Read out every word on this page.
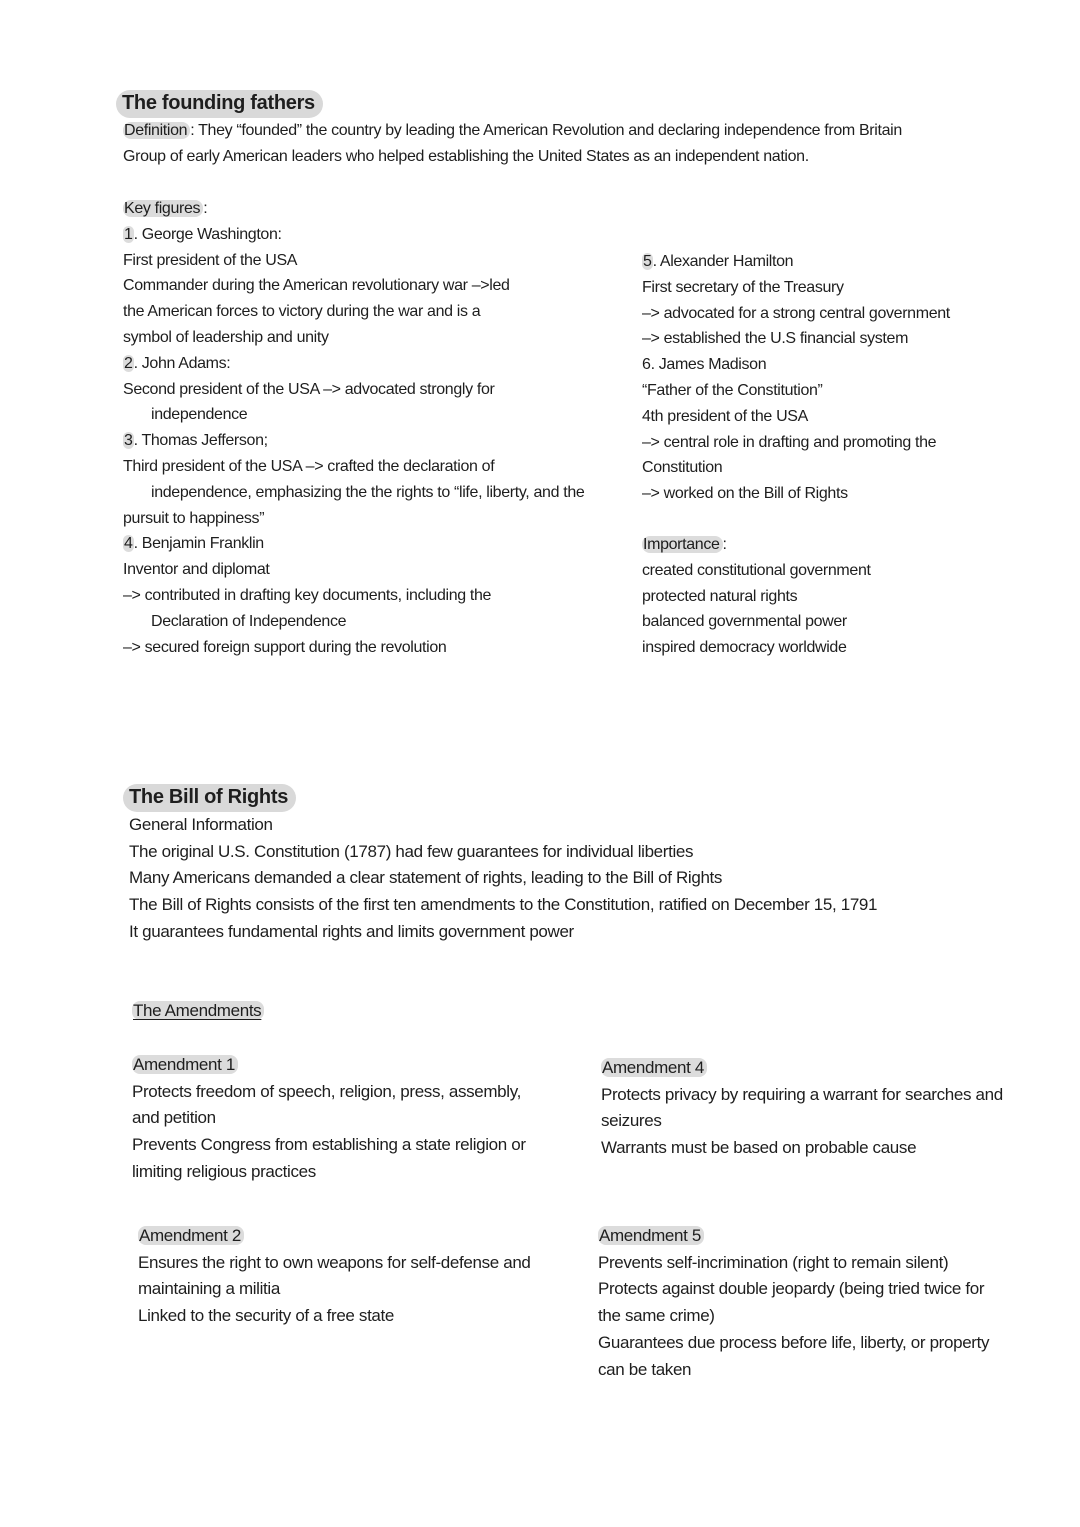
The founding fathers
Definition : They “founded” the country by leading the American Revolution and declaring independence from Britain
Group of early American leaders who helped establishing the United States as an independent nation.
Key figures :
1. George Washington:
First president of the USA
Commander during the American revolutionary war –>led
the American forces to victory during the war and is a
symbol of leadership and unity
2. John Adams:
Second president of the USA –> advocated strongly for
independence
3. Thomas Jefferson;
Third president of the USA –> crafted the declaration of
independence, emphasizing the the rights to “life, liberty, and the
pursuit to happiness”
4. Benjamin Franklin
Inventor and diplomat
–> contributed in drafting key documents, including the
Declaration of Independence
–> secured foreign support during the revolution
5. Alexander Hamilton
First secretary of the Treasury
–> advocated for a strong central government
–> established the U.S financial system
6. James Madison
“Father of the Constitution”
4th president of the USA
–> central role in drafting and promoting the
Constitution
–> worked on the Bill of Rights
Importance :
created constitutional government
protected natural rights
balanced governmental power
inspired democracy worldwide
The Bill of Rights
General Information
The original U.S. Constitution (1787) had few guarantees for individual liberties
Many Americans demanded a clear statement of rights, leading to the Bill of Rights
The Bill of Rights consists of the first ten amendments to the Constitution, ratified on December 15, 1791
It guarantees fundamental rights and limits government power
The Amendments
Amendment 1
Protects freedom of speech, religion, press, assembly,
and petition
Prevents Congress from establishing a state religion or
limiting religious practices
Amendment 4
Protects privacy by requiring a warrant for searches and
seizures
Warrants must be based on probable cause
Amendment 2
Ensures the right to own weapons for self-defense and
maintaining a militia
Linked to the security of a free state
Amendment 5
Prevents self-incrimination (right to remain silent)
Protects against double jeopardy (being tried twice for
the same crime)
Guarantees due process before life, liberty, or property
can be taken
